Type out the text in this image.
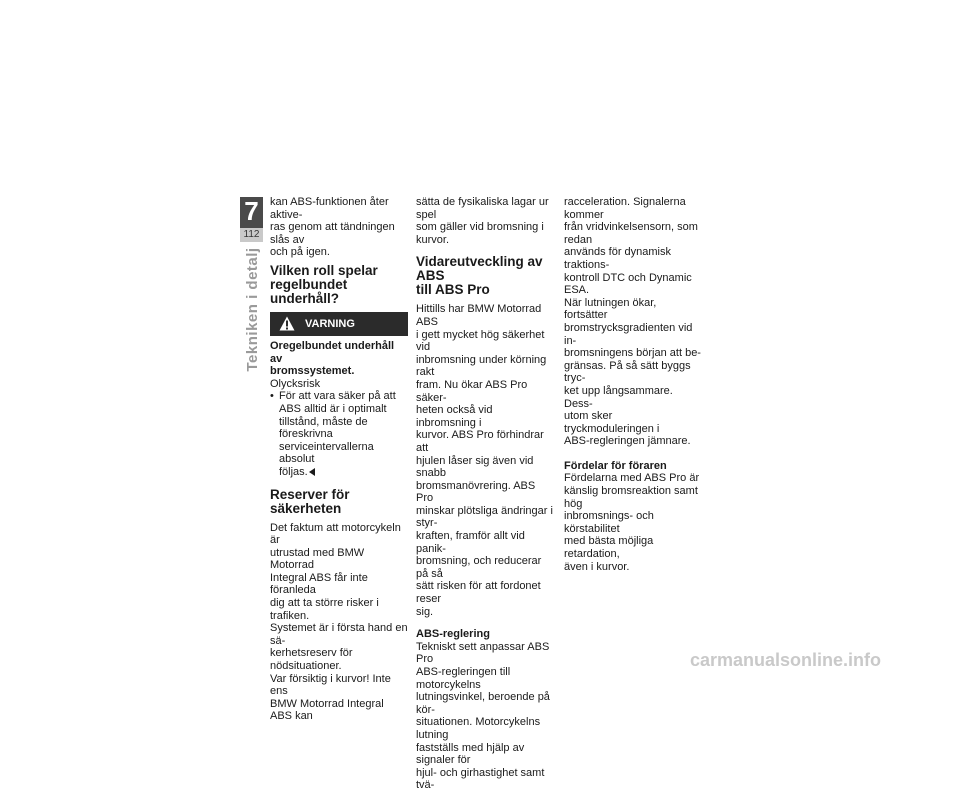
7
112
Tekniken i detalj

kan ABS-funktionen åter aktive-
ras genom att tändningen slås av
och på igen.

Vilken roll spelar
regelbundet underhåll?
VARNING

Oregelbundet underhåll av
bromssystemet.

Olycksrisk

• För att vara säker på att
ABS alltid är i optimalt
tillstånd, måste de föreskrivna
serviceintervallerna absolut
följas.
Reserver för säkerheten

Det faktum att motorcykeln är
utrustad med BMW Motorrad
Integral ABS får inte föranleda
dig att ta större risker i trafiken.
Systemet är i första hand en sä-
kerhetsreserv för nödsituationer.
Var försiktig i kurvor! Inte ens
BMW Motorrad Integral ABS kan

sätta de fysikaliska lagar ur spel
som gäller vid bromsning i kurvor.

Vidareutveckling av ABS
till ABS Pro

Hittills har BMW Motorrad ABS
i gett mycket hög säkerhet vid
inbromsning under körning rakt
fram. Nu ökar ABS Pro säker-
heten också vid inbromsning i
kurvor. ABS Pro förhindrar att
hjulen låser sig även vid snabb
bromsmanövrering. ABS Pro
minskar plötsliga ändringar i styr-
kraften, framför allt vid panik-
bromsning, och reducerar på så
sätt risken för att fordonet reser
sig.

ABS-reglering

Tekniskt sett anpassar ABS Pro
ABS-regleringen till motorcykelns
lutningsvinkel, beroende på kör-
situationen. Motorcykelns lutning
fastställs med hjälp av signaler för
hjul- och girhastighet samt tvä-

racceleration. Signalerna kommer
från vridvinkelsensorn, som redan
används för dynamisk traktions-
kontroll DTC och Dynamic ESA.
När lutningen ökar, fortsätter
bromstrycksgradienten vid in-
bromsningens början att be-
gränsas. På så sätt byggs tryc-
ket upp långsammare. Dess-
utom sker tryckmoduleringen i
ABS-regleringen jämnare.

Fördelar för föraren

Fördelarna med ABS Pro är
känslig bromsreaktion samt hög
inbromsnings- och körstabilitet
med bästa möjliga retardation,
även i kurvor.

carmanualsonline.info
